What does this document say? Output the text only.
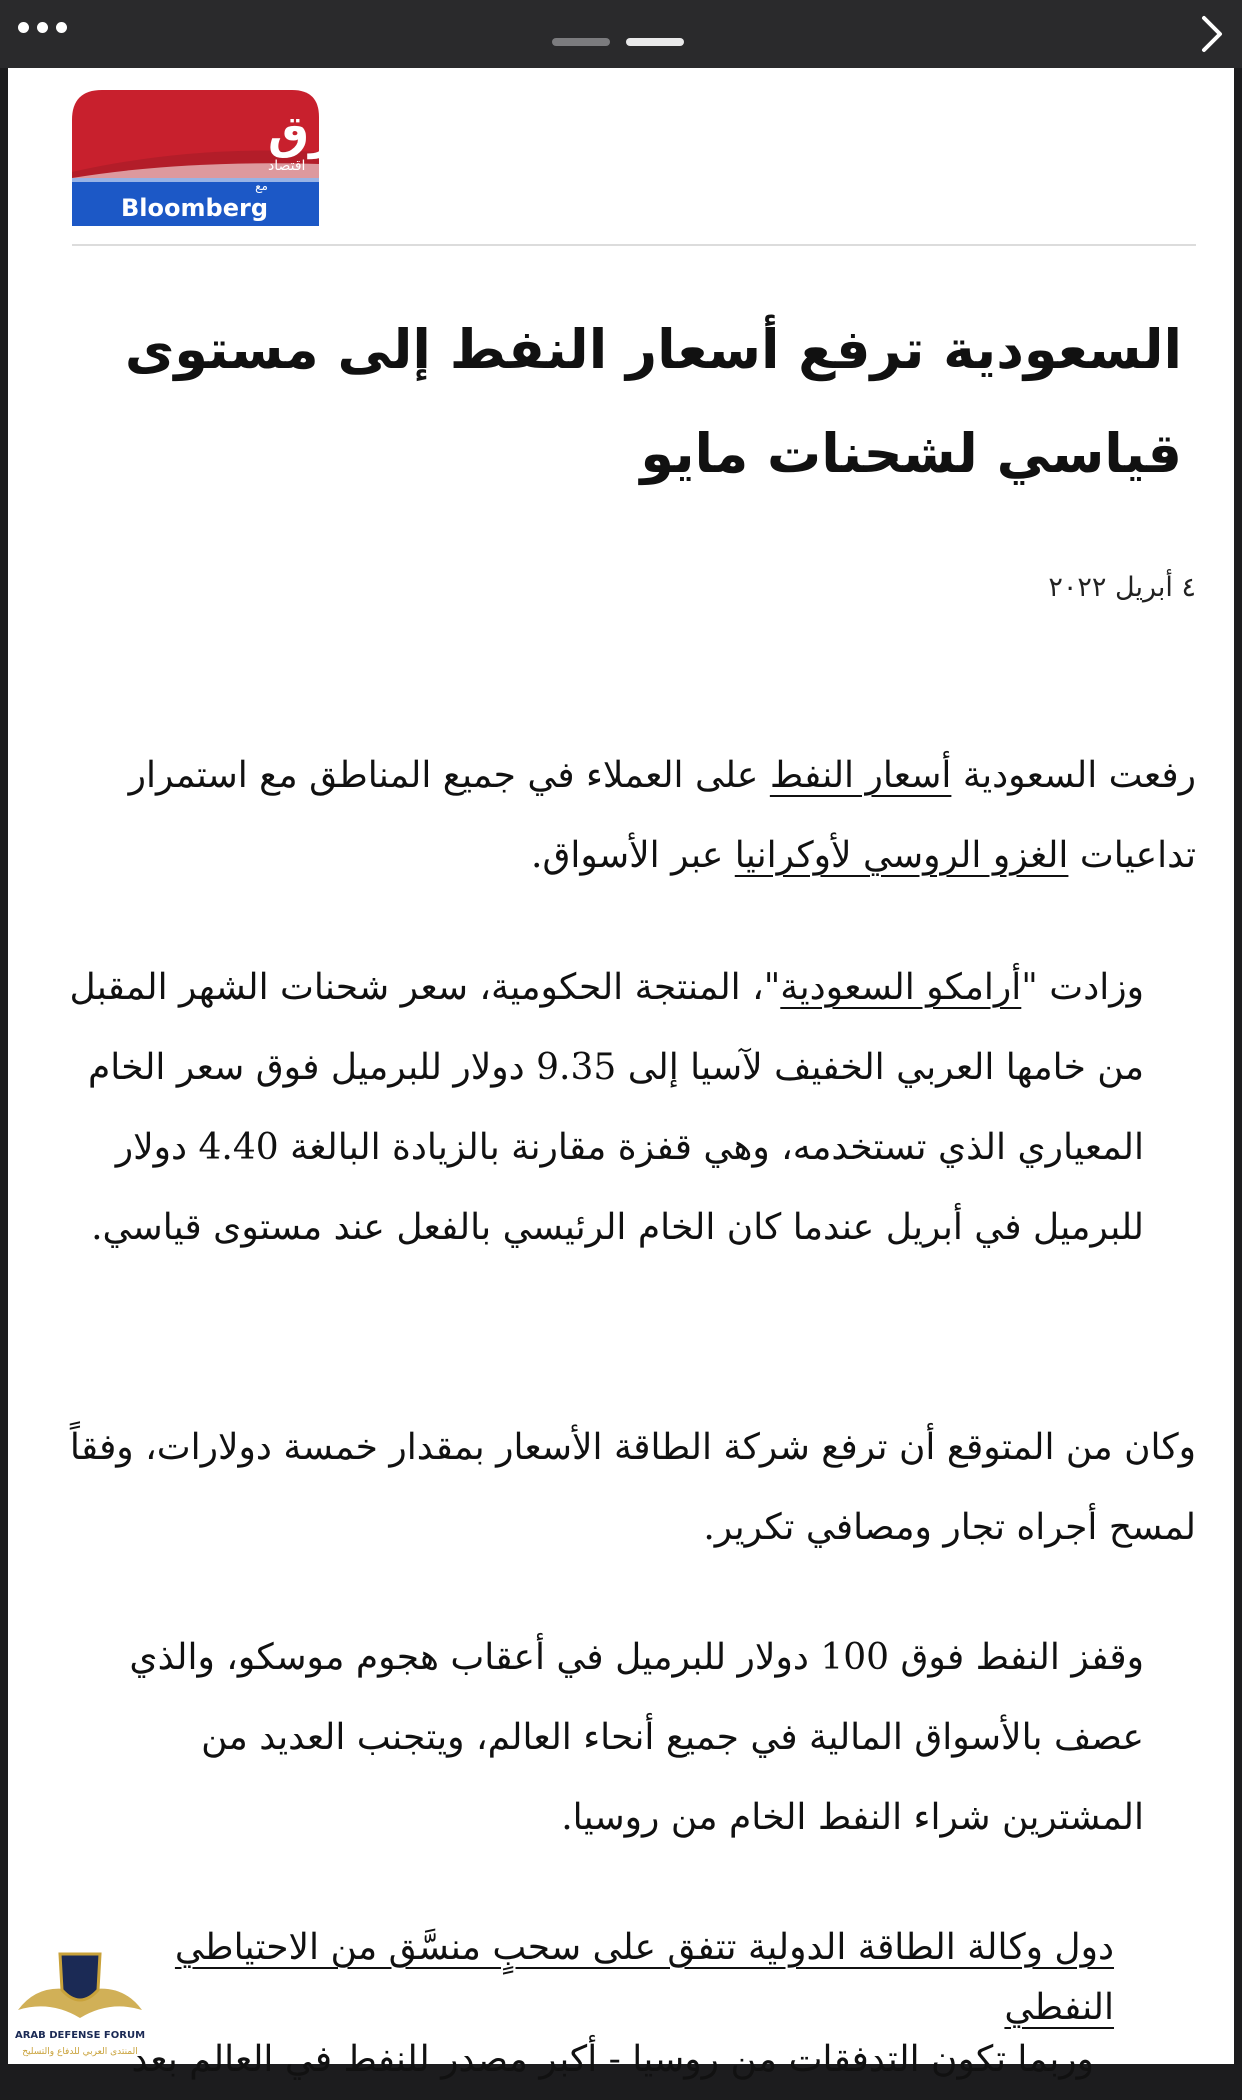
الشرق
اقتصاد
مع
Bloomberg
السعودية ترفع أسعار النفط إلى مستوى قياسي لشحنات مايو
٤ أبريل ٢٠٢٢

رفعت السعودية أسعار النفط على العملاء في جميع المناطق مع استمرار تداعيات الغزو الروسي لأوكرانيا عبر الأسواق.

وزادت "أرامكو السعودية"، المنتجة الحكومية، سعر شحنات الشهر المقبل من خامها العربي الخفيف لآسيا إلى 9.35 دولار للبرميل فوق سعر الخام المعياري الذي تستخدمه، وهي قفزة مقارنة بالزيادة البالغة 4.40 دولار للبرميل في أبريل عندما كان الخام الرئيسي بالفعل عند مستوى قياسي.

وكان من المتوقع أن ترفع شركة الطاقة الأسعار بمقدار خمسة دولارات، وفقاً لمسح أجراه تجار ومصافي تكرير.

وقفز النفط فوق 100 دولار للبرميل في أعقاب هجوم موسكو، والذي عصف بالأسواق المالية في جميع أنحاء العالم، ويتجنب العديد من المشترين شراء النفط الخام من روسيا.

دول وكالة الطاقة الدولية تتفق على سحبٍ منسَّق من الاحتياطي النفطي

وربما تكون التدفقات من روسيا - أكبر مصدر للنفط في العالم بعد

ARAB DEFENSE FORUM
المنتدى العربي للدفاع والتسليح
